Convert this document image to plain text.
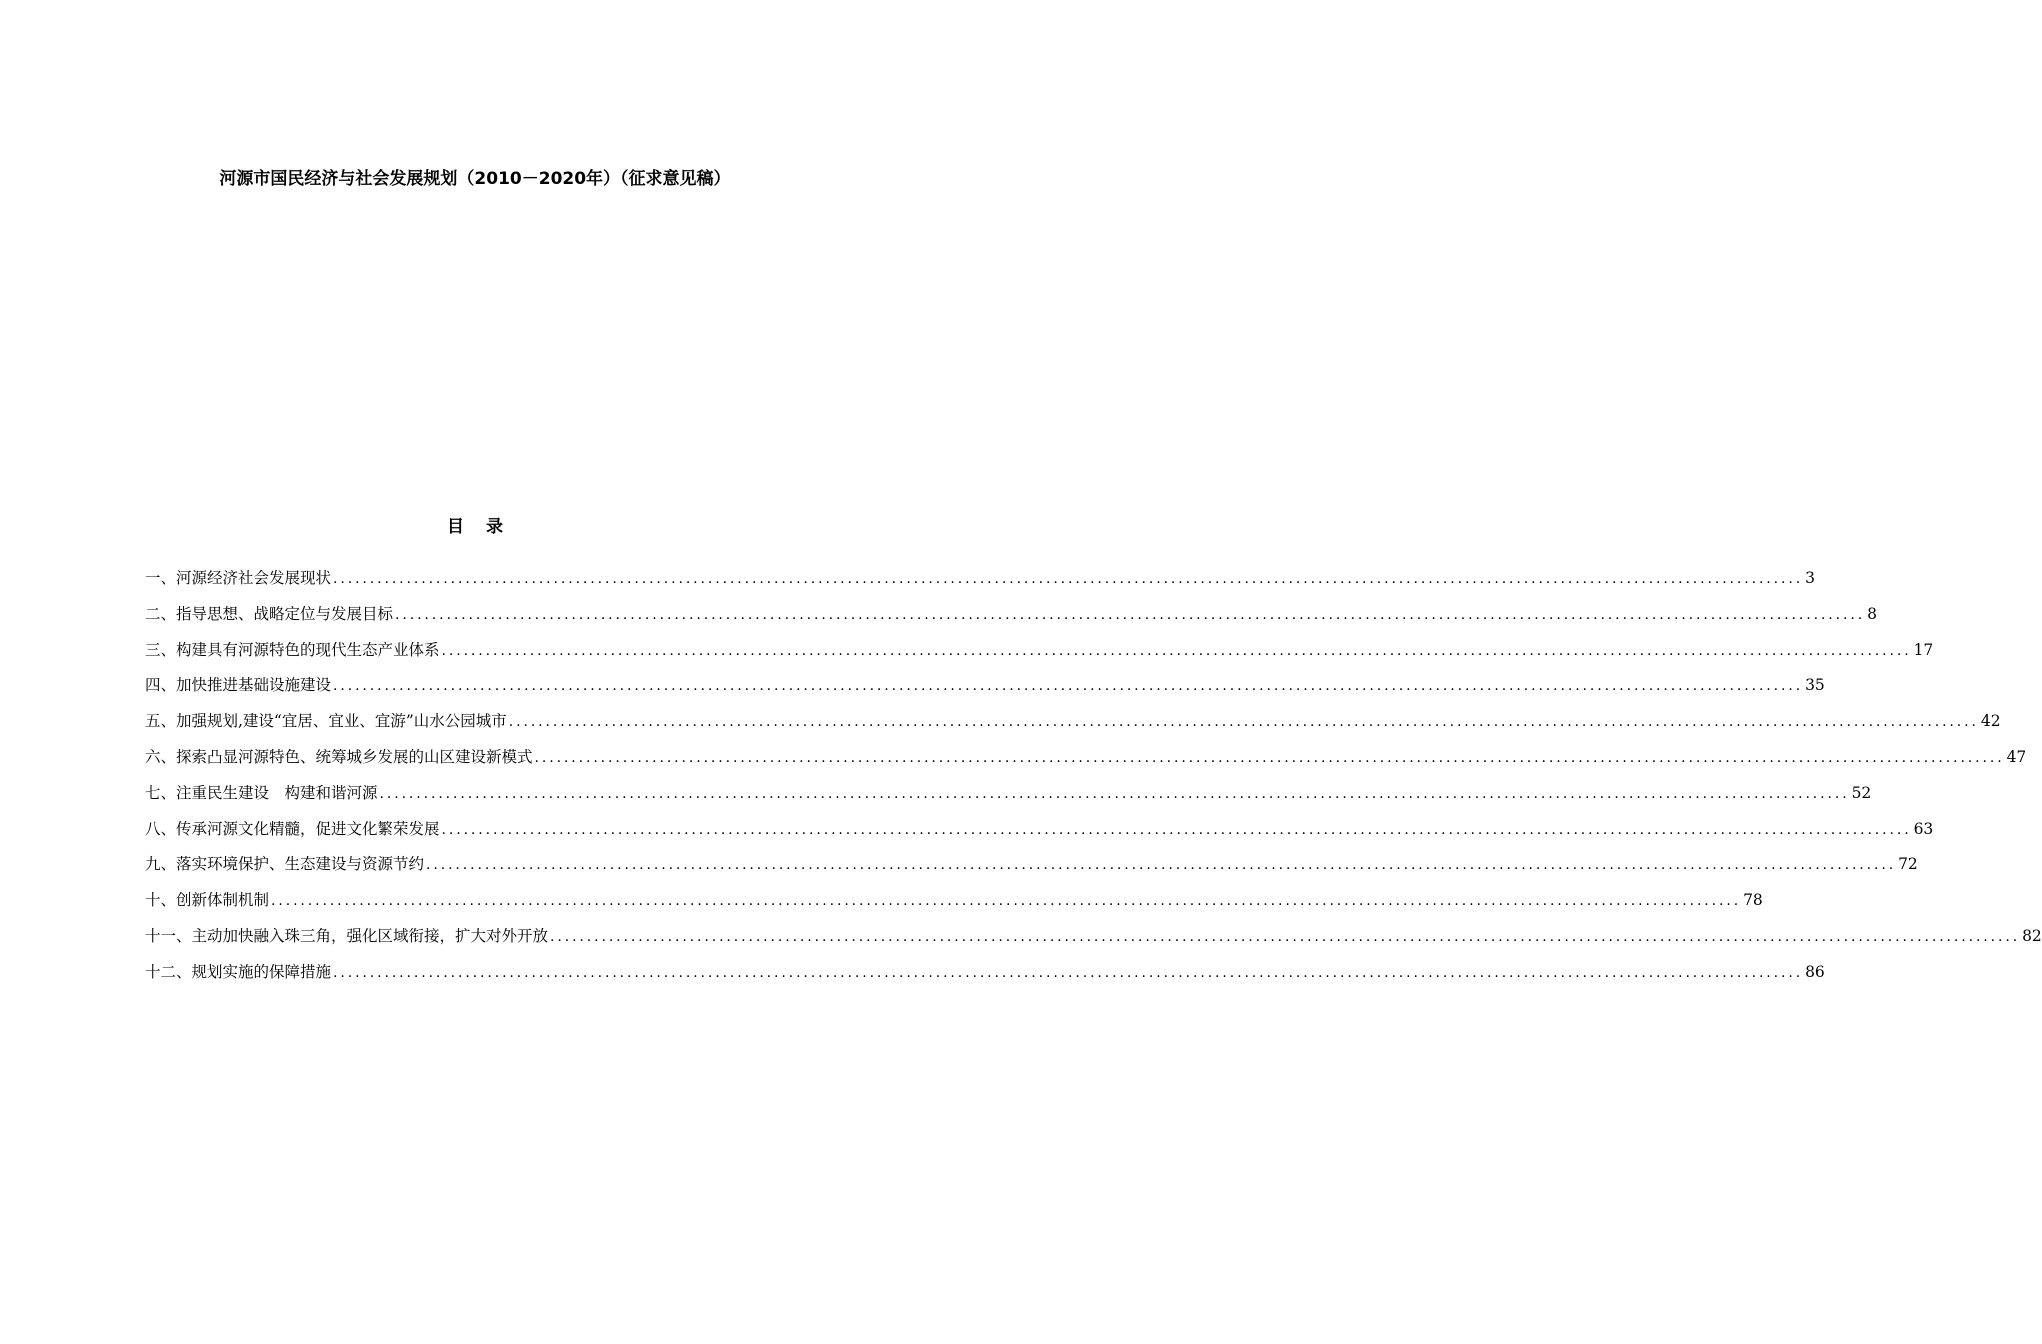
河源市国民经济与社会发展规划（2010－2020年）（征求意见稿）
目录
一、河源经济社会发展现状 ........................................................................................................................................................................................................ 3
二、指导思想、战略定位与发展目标 ........................................................................................................................................................................................................ 8
三、构建具有河源特色的现代生态产业体系 ........................................................................................................................................................................................................ 17
四、加快推进基础设施建设 ........................................................................................................................................................................................................ 35
五、加强规划,建设“宜居、宜业、宜游”山水公园城市 ........................................................................................................................................................................................................ 42
六、探索凸显河源特色、统筹城乡发展的山区建设新模式 ........................................................................................................................................................................................................ 47
七、注重民生建设　构建和谐河源 ........................................................................................................................................................................................................ 52
八、传承河源文化精髓，促进文化繁荣发展 ........................................................................................................................................................................................................ 63
九、落实环境保护、生态建设与资源节约 ........................................................................................................................................................................................................ 72
十、创新体制机制 ........................................................................................................................................................................................................ 78
十一、主动加快融入珠三角，强化区域衔接，扩大对外开放 ........................................................................................................................................................................................................ 82
十二、规划实施的保障措施 ........................................................................................................................................................................................................ 86
